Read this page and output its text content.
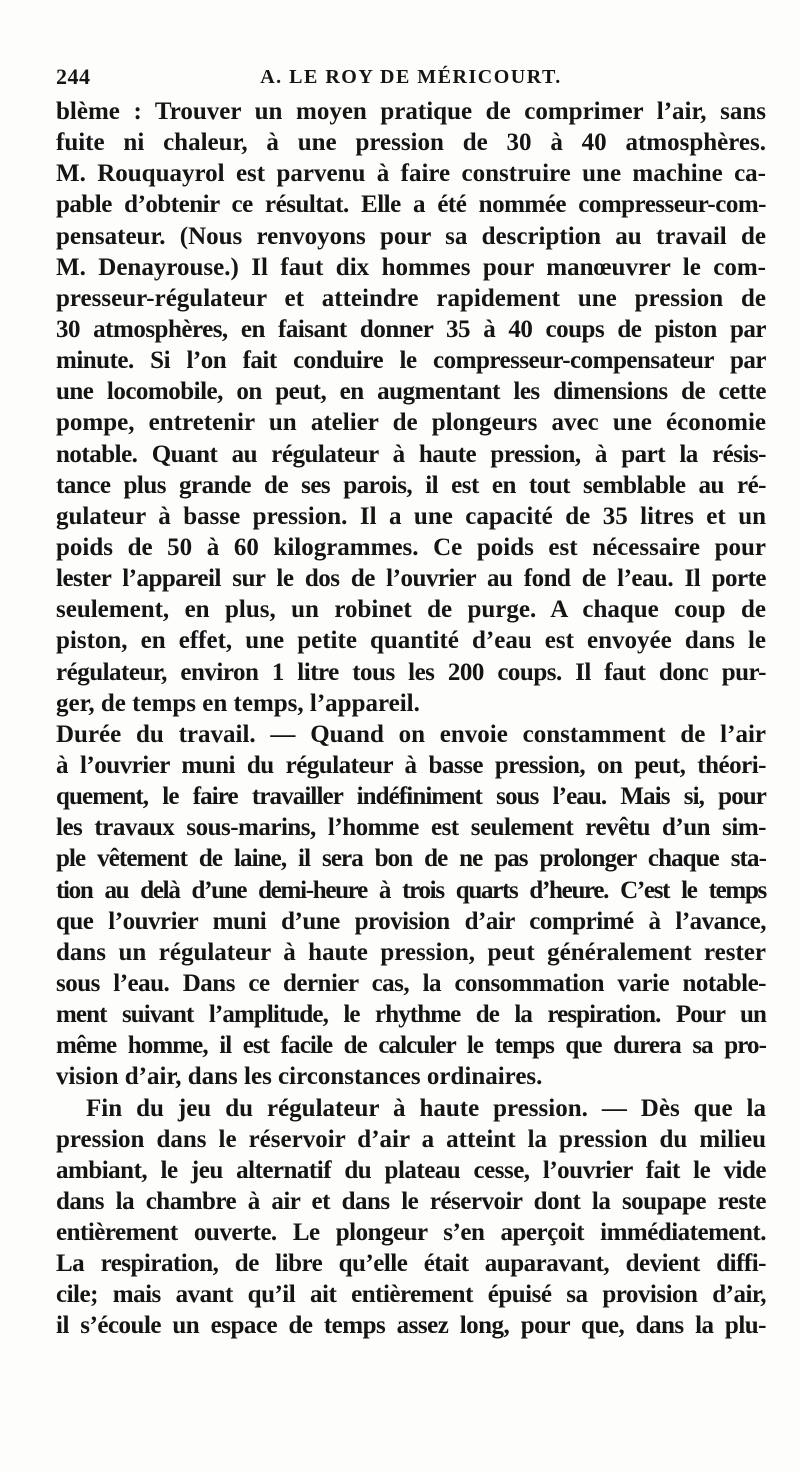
244	A. LE ROY DE MÉRICOURT.
blème : Trouver un moyen pratique de comprimer l’air, sans
fuite ni chaleur, à une pression de 30 à 40 atmosphères.
M. Rouquayrol est parvenu à faire construire une machine ca-
pable d’obtenir ce résultat. Elle a été nommée compresseur-com-
pensateur. (Nous renvoyons pour sa description au travail de
M. Denayrouse.) Il faut dix hommes pour manœuvrer le com-
presseur-régulateur et atteindre rapidement une pression de
30 atmosphères, en faisant donner 35 à 40 coups de piston par
minute. Si l’on fait conduire le compresseur-compensateur par
une locomobile, on peut, en augmentant les dimensions de cette
pompe, entretenir un atelier de plongeurs avec une économie
notable. Quant au régulateur à haute pression, à part la résis-
tance plus grande de ses parois, il est en tout semblable au ré-
gulateur à basse pression. Il a une capacité de 35 litres et un
poids de 50 à 60 kilogrammes. Ce poids est nécessaire pour
lester l’appareil sur le dos de l’ouvrier au fond de l’eau. Il porte
seulement, en plus, un robinet de purge. A chaque coup de
piston, en effet, une petite quantité d’eau est envoyée dans le
régulateur, environ 1 litre tous les 200 coups. Il faut donc pur-
ger, de temps en temps, l’appareil.
Durée du travail. — Quand on envoie constamment de l’air
à l’ouvrier muni du régulateur à basse pression, on peut, théori-
quement, le faire travailler indéfiniment sous l’eau. Mais si, pour
les travaux sous-marins, l’homme est seulement revêtu d’un sim-
ple vêtement de laine, il sera bon de ne pas prolonger chaque sta-
tion au delà d’une demi-heure à trois quarts d’heure. C’est le temps
que l’ouvrier muni d’une provision d’air comprimé à l’avance,
dans un régulateur à haute pression, peut généralement rester
sous l’eau. Dans ce dernier cas, la consommation varie notable-
ment suivant l’amplitude, le rhythme de la respiration. Pour un
même homme, il est facile de calculer le temps que durera sa pro-
vision d’air, dans les circonstances ordinaires.
Fin du jeu du régulateur à haute pression. — Dès que la
pression dans le réservoir d’air a atteint la pression du milieu
ambiant, le jeu alternatif du plateau cesse, l’ouvrier fait le vide
dans la chambre à air et dans le réservoir dont la soupape reste
entièrement ouverte. Le plongeur s’en aperçoit immédiatement.
La respiration, de libre qu’elle était auparavant, devient diffi-
cile; mais avant qu’il ait entièrement épuisé sa provision d’air,
il s’écoule un espace de temps assez long, pour que, dans la plu-
